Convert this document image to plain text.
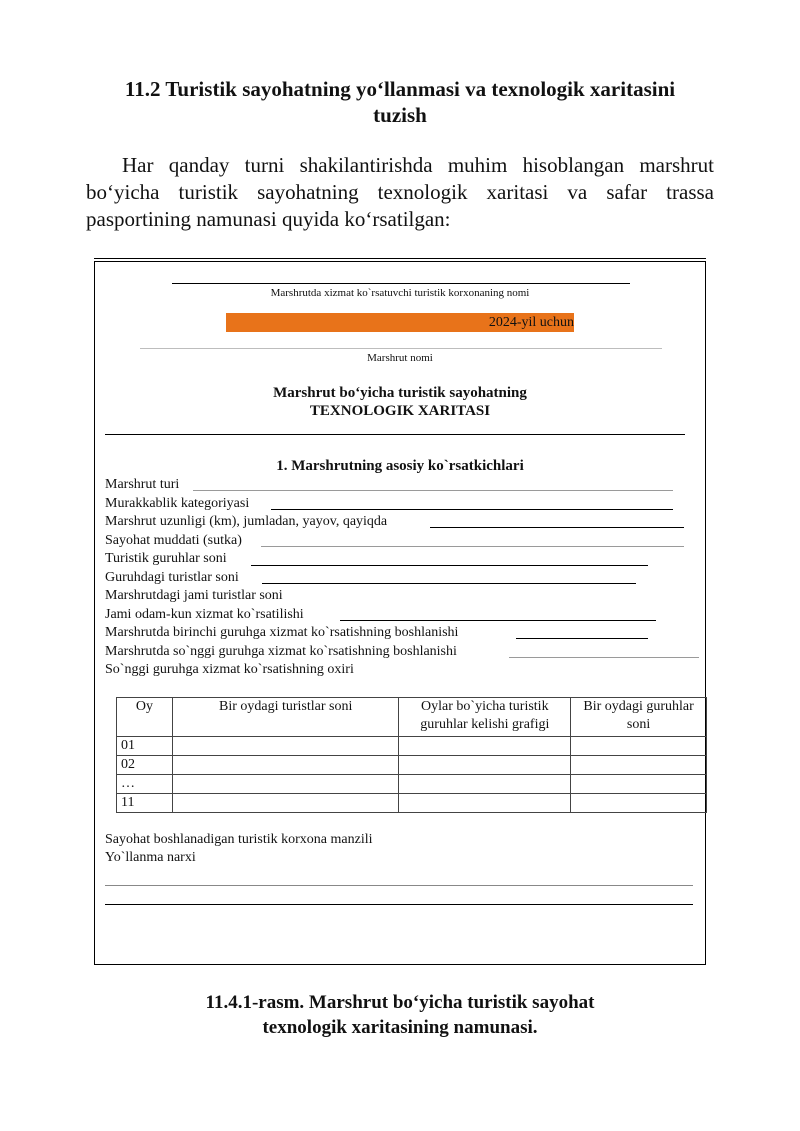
11.2 Turistik sayohatning yo‘llanmasi va texnologik xaritasini
tuzish
Har qanday turni shakilantirishda muhim hisoblangan marshrut bo‘yicha turistik sayohatning texnologik xaritasi va safar trassa pasportining namunasi quyida ko‘rsatilgan:
Marshrutda xizmat ko`rsatuvchi turistik korxonaning nomi
2024-yil uchun
Marshrut nomi
Marshrut bo‘yicha turistik sayohatning
TEXNOLOGIK XARITASI
1. Marshrutning asosiy ko`rsatkichlari
Marshrut turi
Murakkablik kategoriyasi
Marshrut uzunligi (km), jumladan, yayov, qayiqda
Sayohat muddati (sutka)
Turistik guruhlar soni
Guruhdagi turistlar soni
Marshrutdagi jami turistlar soni
Jami odam-kun xizmat ko`rsatilishi
Marshrutda birinchi guruhga xizmat ko`rsatishning boshlanishi
Marshrutda so`nggi guruhga xizmat ko`rsatishning boshlanishi
So`nggi guruhga xizmat ko`rsatishning oxiri
Oy	Bir oydagi turistlar soni	Oylar bo`yicha turistik guruhlar kelishi grafigi	Bir oydagi guruhlar soni
01			
02			
…			
11			
Sayohat boshlanadigan turistik korxona manzili
Yo`llanma narxi
11.4.1-rasm. Marshrut bo‘yicha turistik sayohat
texnologik xaritasining namunasi.
